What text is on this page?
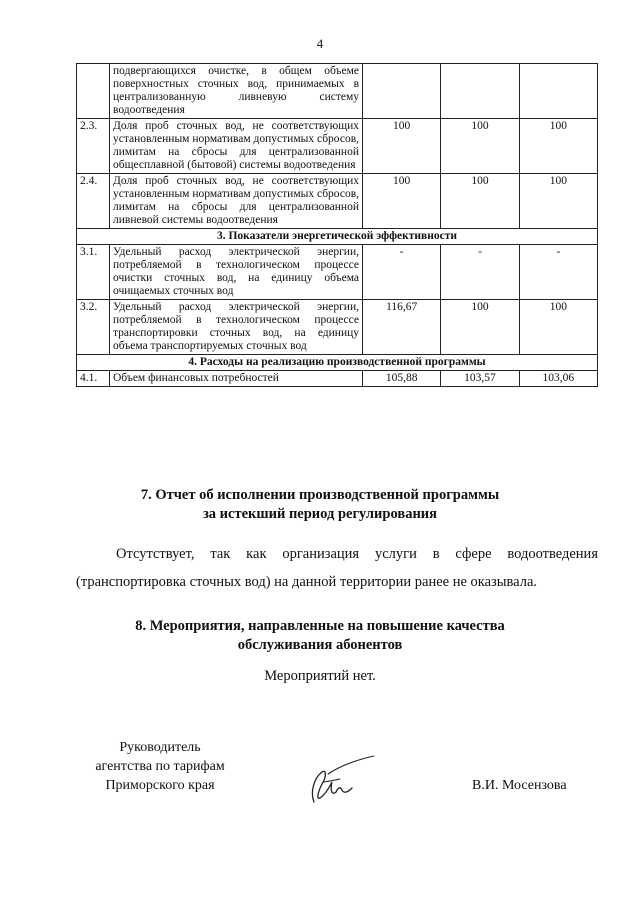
4
	подвергающихся очистке, в общем объеме поверхностных сточных вод, принимаемых в централизованную ливневую систему водоотведения			
2.3.	Доля проб сточных вод, не соответствующих установленным нормативам допустимых сбросов, лимитам на сбросы для централизованной общесплавной (бытовой) системы водоотведения	100	100	100
2.4.	Доля проб сточных вод, не соответствующих установленным нормативам допустимых сбросов, лимитам на сбросы для централизованной ливневой системы водоотведения	100	100	100
3. Показатели энергетической эффективности				
3.1.	Удельный расход электрической энергии, потребляемой в технологическом процессе очистки сточных вод, на единицу объема очищаемых сточных вод	-	-	-
3.2.	Удельный расход электрической энергии, потребляемой в технологическом процессе транспортировки сточных вод, на единицу объема транспортируемых сточных вод	116,67	100	100
4. Расходы на реализацию производственной программы				
4.1.	Объем финансовых потребностей	105,88	103,57	103,06
7. Отчет об исполнении производственной программы
за истекший период регулирования
Отсутствует, так как организация услуги в сфере водоотведения (транспортировка сточных вод) на данной территории ранее не оказывала.
8. Мероприятия, направленные на повышение качества
обслуживания абонентов
Мероприятий нет.
Руководитель
агентства по тарифам
Приморского края	В.И. Мосензова
